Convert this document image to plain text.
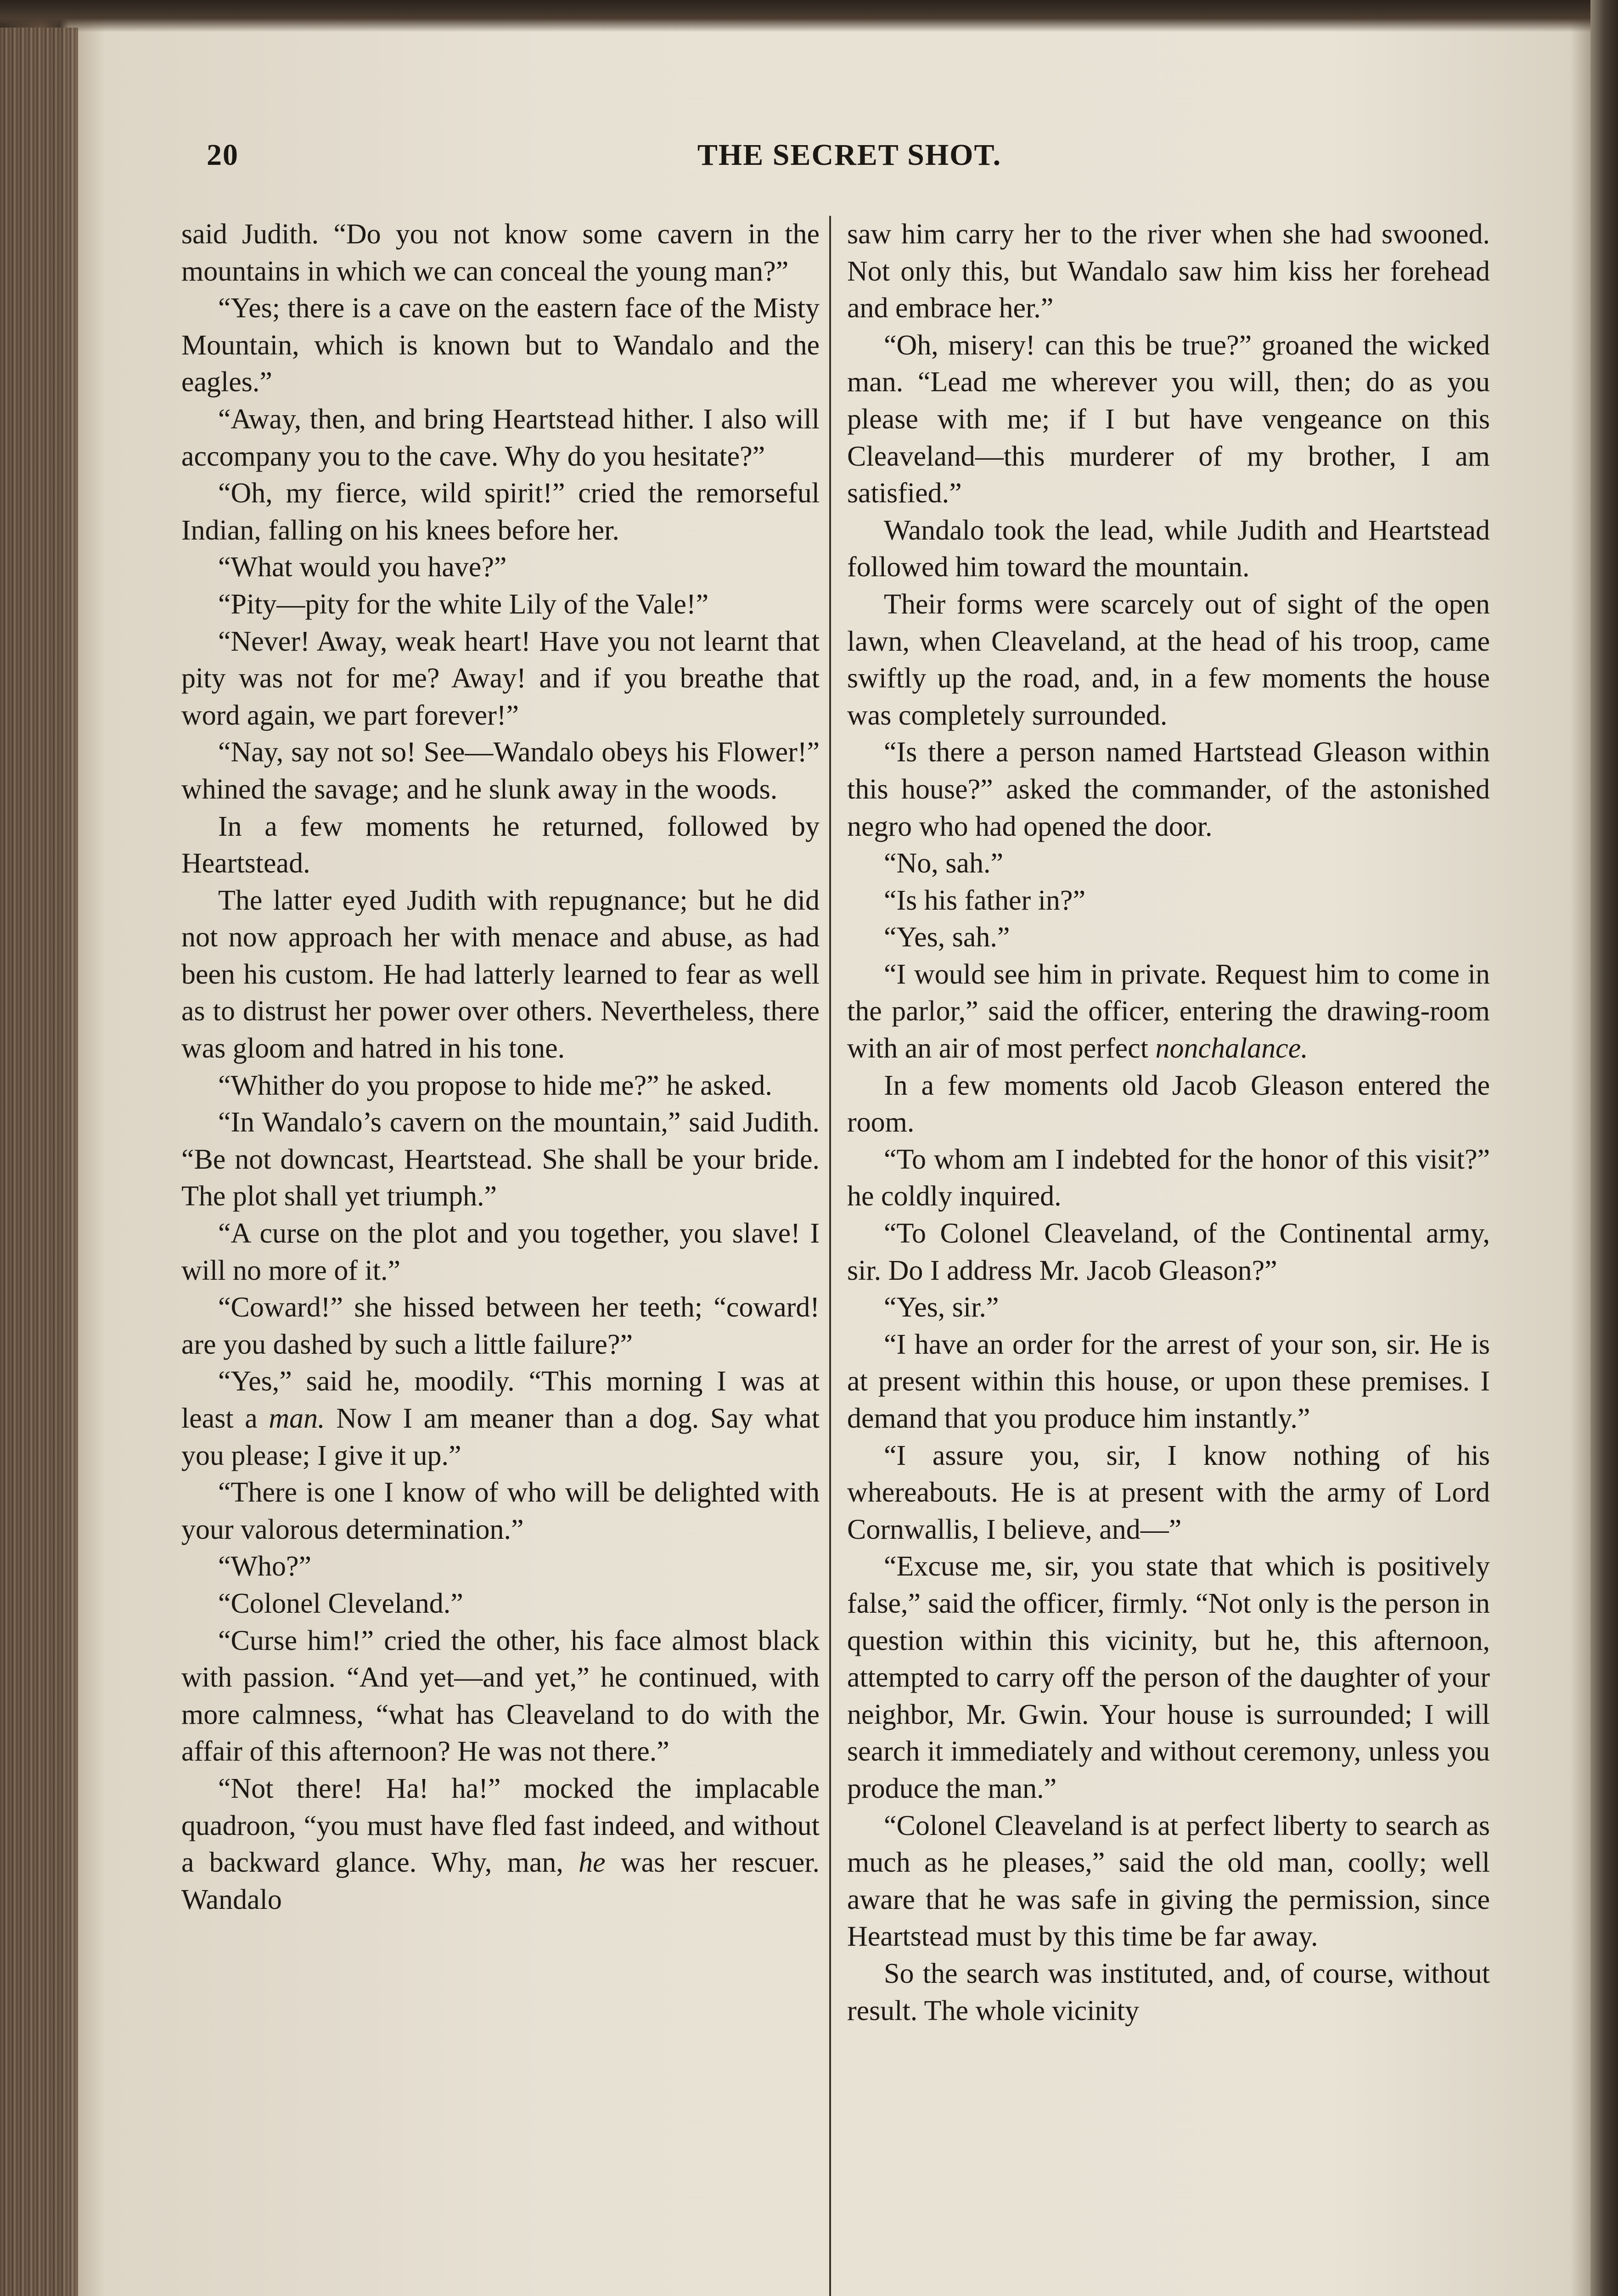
20	THE SECRET SHOT.

said Judith. “Do you not know some cavern in the mountains in which we can conceal the young man?”

“Yes; there is a cave on the eastern face of the Misty Mountain, which is known but to Wandalo and the eagles.”

“Away, then, and bring Heartstead hither. I also will accompany you to the cave. Why do you hesitate?”

“Oh, my fierce, wild spirit!” cried the remorseful Indian, falling on his knees before her.

“What would you have?”

“Pity—pity for the white Lily of the Vale!”

“Never! Away, weak heart! Have you not learnt that pity was not for me? Away! and if you breathe that word again, we part forever!”

“Nay, say not so! See—Wandalo obeys his Flower!” whined the savage; and he slunk away in the woods.

In a few moments he returned, followed by Heartstead.

The latter eyed Judith with repugnance; but he did not now approach her with menace and abuse, as had been his custom. He had latterly learned to fear as well as to distrust her power over others. Nevertheless, there was gloom and hatred in his tone.

“Whither do you propose to hide me?” he asked.

“In Wandalo’s cavern on the mountain,” said Judith. “Be not downcast, Heartstead. She shall be your bride. The plot shall yet triumph.”

“A curse on the plot and you together, you slave! I will no more of it.”

“Coward!” she hissed between her teeth; “coward! are you dashed by such a little failure?”

“Yes,” said he, moodily. “This morning I was at least a man. Now I am meaner than a dog. Say what you please; I give it up.”

“There is one I know of who will be delighted with your valorous determination.”

“Who?”

“Colonel Cleveland.”

“Curse him!” cried the other, his face almost black with passion. “And yet—and yet,” he continued, with more calmness, “what has Cleaveland to do with the affair of this afternoon? He was not there.”

“Not there! Ha! ha!” mocked the implacable quadroon, “you must have fled fast indeed, and without a backward glance. Why, man, he was her rescuer. Wandalo

saw him carry her to the river when she had swooned. Not only this, but Wandalo saw him kiss her forehead and embrace her.”

“Oh, misery! can this be true?” groaned the wicked man. “Lead me wherever you will, then; do as you please with me; if I but have vengeance on this Cleaveland—this murderer of my brother, I am satisfied.”

Wandalo took the lead, while Judith and Heartstead followed him toward the mountain.

Their forms were scarcely out of sight of the open lawn, when Cleaveland, at the head of his troop, came swiftly up the road, and, in a few moments the house was completely surrounded.

“Is there a person named Hartstead Gleason within this house?” asked the commander, of the astonished negro who had opened the door.

“No, sah.”

“Is his father in?”

“Yes, sah.”

“I would see him in private. Request him to come in the parlor,” said the officer, entering the drawing-room with an air of most perfect nonchalance.

In a few moments old Jacob Gleason entered the room.

“To whom am I indebted for the honor of this visit?” he coldly inquired.

“To Colonel Cleaveland, of the Continental army, sir. Do I address Mr. Jacob Gleason?”

“Yes, sir.”

“I have an order for the arrest of your son, sir. He is at present within this house, or upon these premises. I demand that you produce him instantly.”

“I assure you, sir, I know nothing of his whereabouts. He is at present with the army of Lord Cornwallis, I believe, and—”

“Excuse me, sir, you state that which is positively false,” said the officer, firmly. “Not only is the person in question within this vicinity, but he, this afternoon, attempted to carry off the person of the daughter of your neighbor, Mr. Gwin. Your house is surrounded; I will search it immediately and without ceremony, unless you produce the man.”

“Colonel Cleaveland is at perfect liberty to search as much as he pleases,” said the old man, coolly; well aware that he was safe in giving the permission, since Heartstead must by this time be far away.

So the search was instituted, and, of course, without result. The whole vicinity
